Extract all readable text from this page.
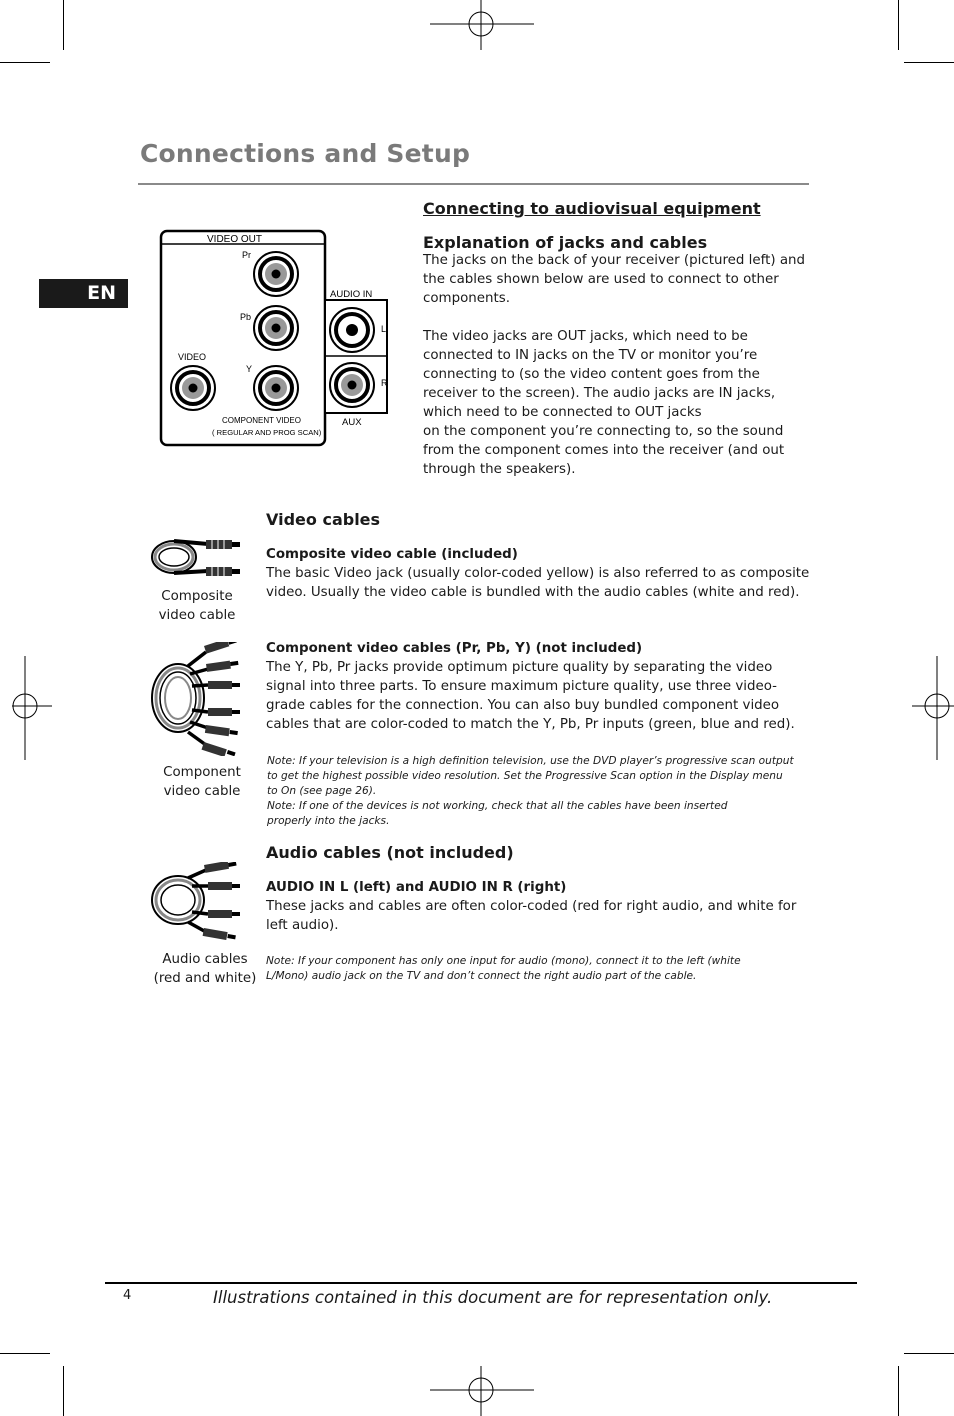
Connections and Setup
EN
VIDEO OUT
Pr
Pb
Y
VIDEO
COMPONENT VIDEO
( REGULAR AND PROG SCAN)
AUDIO IN
L
R
AUX
Connecting to audiovisual equipment
Explanation of jacks and cables
The jacks on the back of your receiver (pictured left) and
the cables shown below are used to connect to other
components.
The video jacks are OUT jacks, which need to be
connected to IN jacks on the TV or monitor you’re
connecting to (so the video content goes from the
receiver to the screen). The audio jacks are IN jacks,
which need to be connected to OUT jacks
on the component you’re connecting to, so the sound
from the component comes into the receiver (and out
through the speakers).
Video cables
Composite
video cable
Composite video cable (included)
The basic Video jack (usually color-coded yellow) is also referred to as composite
video. Usually the video cable is bundled with the audio cables (white and red).
Component
video cable
Component video cables (Pr, Pb, Y) (not included)
The Y, Pb, Pr jacks provide optimum picture quality by separating the video
signal into three parts. To ensure maximum picture quality, use three video-
grade cables for the connection. You can also buy bundled component video
cables that are color-coded to match the Y, Pb, Pr inputs (green, blue and red).
Note: If your television is a high definition television, use the DVD player’s progressive scan output
to get the highest possible video resolution. Set the Progressive Scan option in the Display menu
to On (see page 26).
Note: If one of the devices is not working, check that all the cables have been inserted
properly into the jacks.
Audio cables (not included)
Audio cables
(red and white)
AUDIO IN L (left) and AUDIO IN R (right)
These jacks and cables are often color-coded (red for right audio, and white for
left audio).
Note: If your component has only one input for audio (mono), connect it to the left (white
L/Mono) audio jack on the TV and don’t connect the right audio part of the cable.
4	Illustrations contained in this document are for representation only.
